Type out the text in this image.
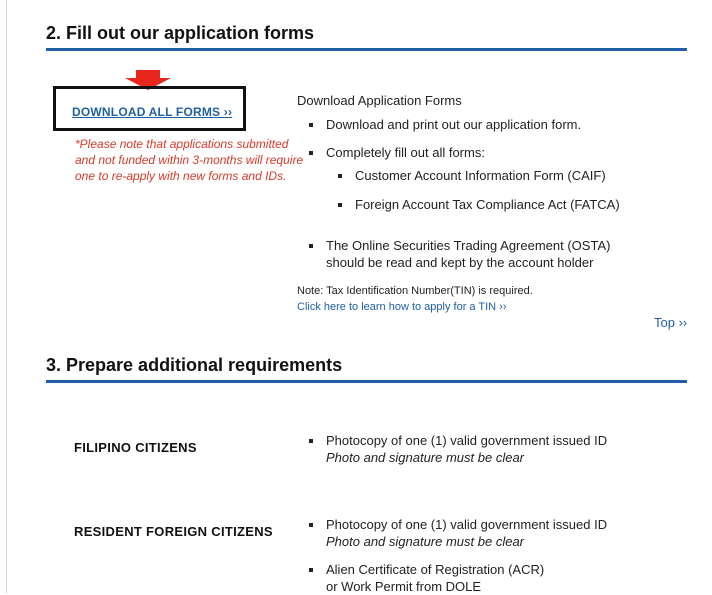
2. Fill out our application forms
DOWNLOAD ALL FORMS ››
*Please note that applications submitted and not funded within 3-months will require one to re-apply with new forms and IDs.
Download Application Forms
Download and print out our application form.
Completely fill out all forms:
Customer Account Information Form (CAIF)
Foreign Account Tax Compliance Act (FATCA)
The Online Securities Trading Agreement (OSTA)
should be read and kept by the account holder
Note: Tax Identification Number(TIN) is required.
Click here to learn how to apply for a TIN ››
Top ››
3. Prepare additional requirements
FILIPINO CITIZENS	Photocopy of one (1) valid government issued ID
Photo and signature must be clear
RESIDENT FOREIGN CITIZENS	Photocopy of one (1) valid government issued ID
Photo and signature must be clear
Alien Certificate of Registration (ACR)
or Work Permit from DOLE
